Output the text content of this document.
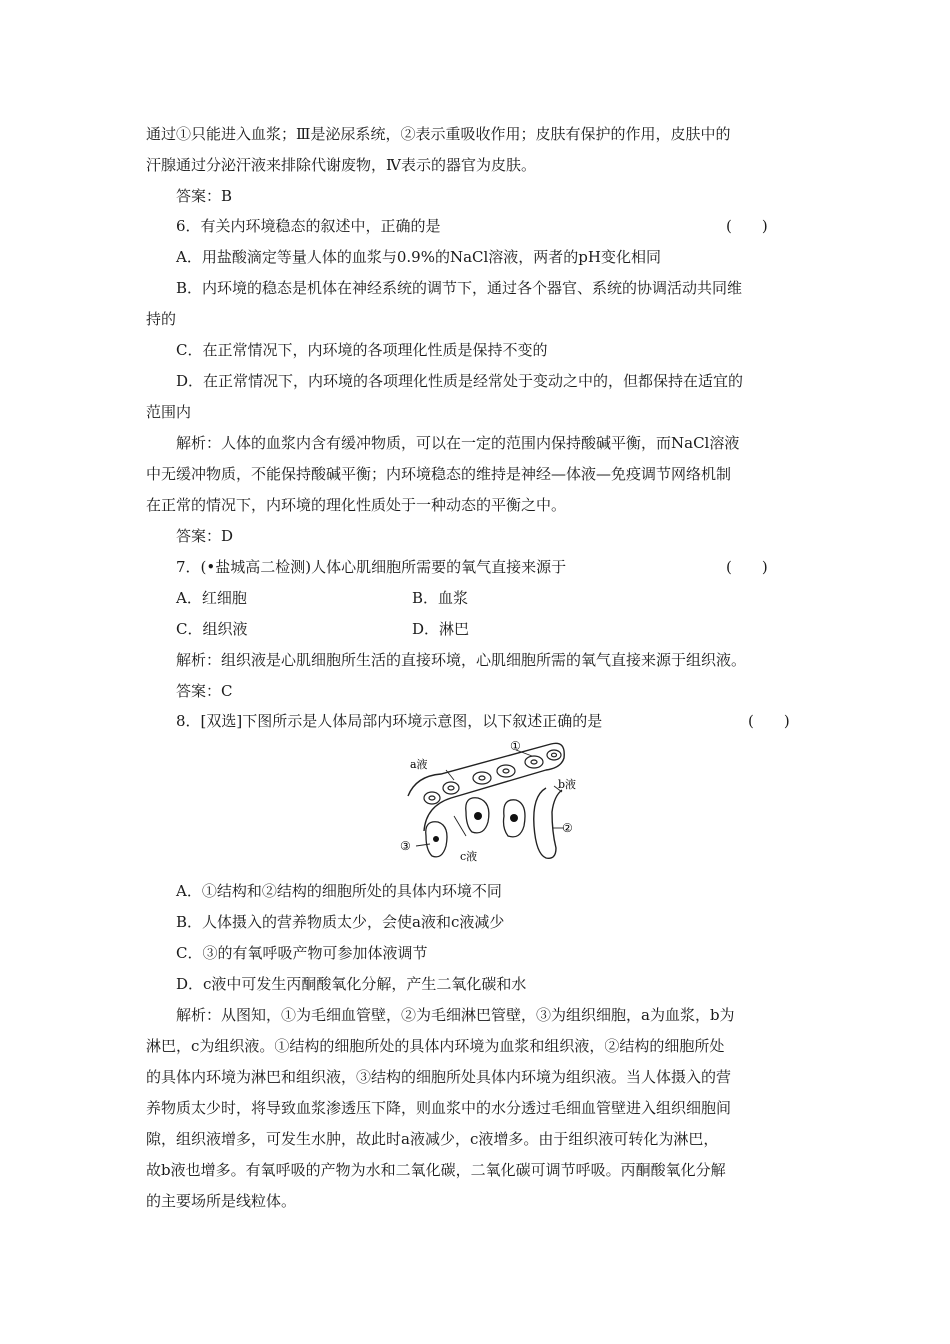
通过①只能进入血浆；Ⅲ是泌尿系统，②表示重吸收作用；皮肤有保护的作用，皮肤中的
汗腺通过分泌汗液来排除代谢废物，Ⅳ表示的器官为皮肤。
答案：B
6．有关内环境稳态的叙述中，正确的是	(　　)
A．用盐酸滴定等量人体的血浆与0.9%的NaCl溶液，两者的pH变化相同
B．内环境的稳态是机体在神经系统的调节下，通过各个器官、系统的协调活动共同维
持的
C．在正常情况下，内环境的各项理化性质是保持不变的
D．在正常情况下，内环境的各项理化性质是经常处于变动之中的，但都保持在适宜的
范围内
解析：人体的血浆内含有缓冲物质，可以在一定的范围内保持酸碱平衡，而NaCl溶液
中无缓冲物质，不能保持酸碱平衡；内环境稳态的维持是神经—体液—免疫调节网络机制
在正常的情况下，内环境的理化性质处于一种动态的平衡之中。
答案：D
7．(•盐城高二检测)人体心肌细胞所需要的氧气直接来源于	(　　)
A．红细胞	B．血浆
C．组织液	D．淋巴
解析：组织液是心肌细胞所生活的直接环境，心肌细胞所需的氧气直接来源于组织液。
答案：C
8．[双选]下图所示是人体局部内环境示意图，以下叙述正确的是	(　　)
a液
①
b液
②
③
c液
A．①结构和②结构的细胞所处的具体内环境不同
B．人体摄入的营养物质太少，会使a液和c液减少
C．③的有氧呼吸产物可参加体液调节
D．c液中可发生丙酮酸氧化分解，产生二氧化碳和水
解析：从图知，①为毛细血管壁，②为毛细淋巴管壁，③为组织细胞，a为血浆，b为
淋巴，c为组织液。①结构的细胞所处的具体内环境为血浆和组织液，②结构的细胞所处
的具体内环境为淋巴和组织液，③结构的细胞所处具体内环境为组织液。当人体摄入的营
养物质太少时，将导致血浆渗透压下降，则血浆中的水分透过毛细血管壁进入组织细胞间
隙，组织液增多，可发生水肿，故此时a液减少，c液增多。由于组织液可转化为淋巴，
故b液也增多。有氧呼吸的产物为水和二氧化碳，二氧化碳可调节呼吸。丙酮酸氧化分解
的主要场所是线粒体。
